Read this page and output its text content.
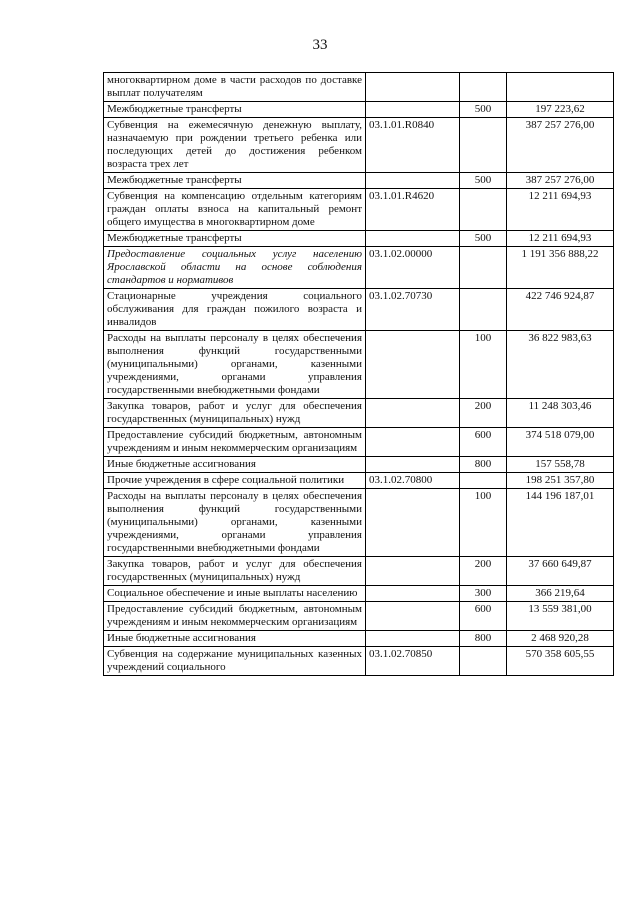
33
многоквартирном доме в части расходов по доставке выплат получателям			
Межбюджетные трансферты		500	197 223,62
Субвенция на ежемесячную денежную выплату, назначаемую при рождении третьего ребенка или последующих детей до достижения ребенком возраста трех лет	03.1.01.R0840		387 257 276,00
Межбюджетные трансферты		500	387 257 276,00
Субвенция на компенсацию отдельным категориям граждан оплаты взноса на капитальный ремонт общего имущества в многоквартирном доме	03.1.01.R4620		12 211 694,93
Межбюджетные трансферты		500	12 211 694,93
Предоставление социальных услуг населению Ярославской области на основе соблюдения стандартов и нормативов	03.1.02.00000		1 191 356 888,22
Стационарные учреждения социального обслуживания для граждан пожилого возраста и инвалидов	03.1.02.70730		422 746 924,87
Расходы на выплаты персоналу в целях обеспечения выполнения функций государственными (муниципальными) органами, казенными учреждениями, органами управления государственными внебюджетными фондами		100	36 822 983,63
Закупка товаров, работ и услуг для обеспечения государственных (муниципальных) нужд		200	11 248 303,46
Предоставление субсидий бюджетным, автономным учреждениям и иным некоммерческим организациям		600	374 518 079,00
Иные бюджетные ассигнования		800	157 558,78
Прочие учреждения в сфере социальной политики	03.1.02.70800		198 251 357,80
Расходы на выплаты персоналу в целях обеспечения выполнения функций государственными (муниципальными) органами, казенными учреждениями, органами управления государственными внебюджетными фондами		100	144 196 187,01
Закупка товаров, работ и услуг для обеспечения государственных (муниципальных) нужд		200	37 660 649,87
Социальное обеспечение и иные выплаты населению		300	366 219,64
Предоставление субсидий бюджетным, автономным учреждениям и иным некоммерческим организациям		600	13 559 381,00
Иные бюджетные ассигнования		800	2 468 920,28
Субвенция на содержание муниципальных казенных учреждений социального	03.1.02.70850		570 358 605,55
